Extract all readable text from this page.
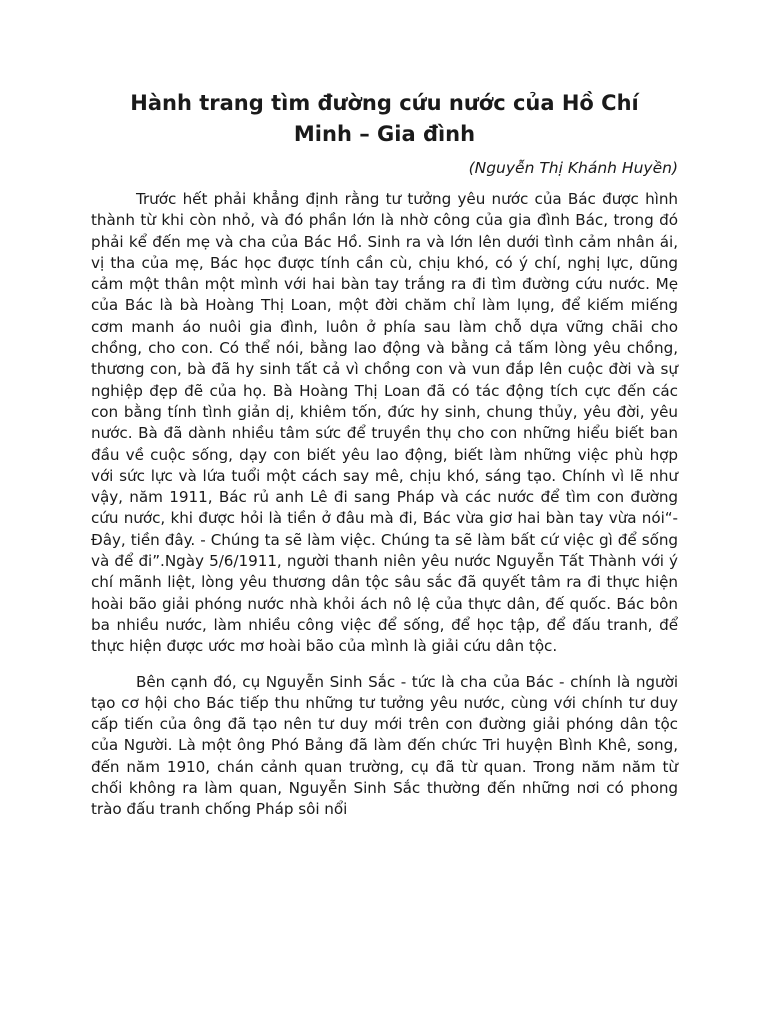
Hành trang tìm đường cứu nước của Hồ Chí Minh – Gia đình
(Nguyễn Thị Khánh Huyền)

Trước hết phải khẳng định rằng tư tưởng yêu nước của Bác được hình thành từ khi còn nhỏ, và đó phần lớn là nhờ công của gia đình Bác, trong đó phải kể đến mẹ và cha của Bác Hồ. Sinh ra và lớn lên dưới tình cảm nhân ái, vị tha của mẹ, Bác học được tính cần cù, chịu khó, có ý chí, nghị lực, dũng cảm một thân một mình với hai bàn tay trắng ra đi tìm đường cứu nước. Mẹ của Bác là bà Hoàng Thị Loan, một đời chăm chỉ làm lụng, để kiếm miếng cơm manh áo nuôi gia đình, luôn ở phía sau làm chỗ dựa vững chãi cho chồng, cho con. Có thể nói, bằng lao động và bằng cả tấm lòng yêu chồng, thương con, bà đã hy sinh tất cả vì chồng con và vun đắp lên cuộc đời và sự nghiệp đẹp đẽ của họ. Bà Hoàng Thị Loan đã có tác động tích cực đến các con bằng tính tình giản dị, khiêm tốn, đức hy sinh, chung thủy, yêu đời, yêu nước. Bà đã dành nhiều tâm sức để truyền thụ cho con những hiểu biết ban đầu về cuộc sống, dạy con biết yêu lao động, biết làm những việc phù hợp với sức lực và lứa tuổi một cách say mê, chịu khó, sáng tạo. Chính vì lẽ như vậy, năm 1911, Bác rủ anh Lê đi sang Pháp và các nước để tìm con đường cứu nước, khi được hỏi là tiền ở đâu mà đi, Bác vừa giơ hai bàn tay vừa nói“- Đây, tiền đây. - Chúng ta sẽ làm việc. Chúng ta sẽ làm bất cứ việc gì để sống và để đi”.Ngày 5/6/1911, người thanh niên yêu nước Nguyễn Tất Thành với ý chí mãnh liệt, lòng yêu thương dân tộc sâu sắc đã quyết tâm ra đi thực hiện hoài bão giải phóng nước nhà khỏi ách nô lệ của thực dân, đế quốc. Bác bôn ba nhiều nước, làm nhiều công việc để sống, để học tập, để đấu tranh, để thực hiện được ước mơ hoài bão của mình là giải cứu dân tộc.

Bên cạnh đó, cụ Nguyễn Sinh Sắc - tức là cha của Bác - chính là người tạo cơ hội cho Bác tiếp thu những tư tưởng yêu nước, cùng với chính tư duy cấp tiến của ông đã tạo nên tư duy mới trên con đường giải phóng dân tộc của Người. Là một ông Phó Bảng đã làm đến chức Tri huyện Bình Khê, song, đến năm 1910, chán cảnh quan trường, cụ đã từ quan. Trong năm năm từ chối không ra làm quan, Nguyễn Sinh Sắc thường đến những nơi có phong trào đấu tranh chống Pháp sôi nổi
